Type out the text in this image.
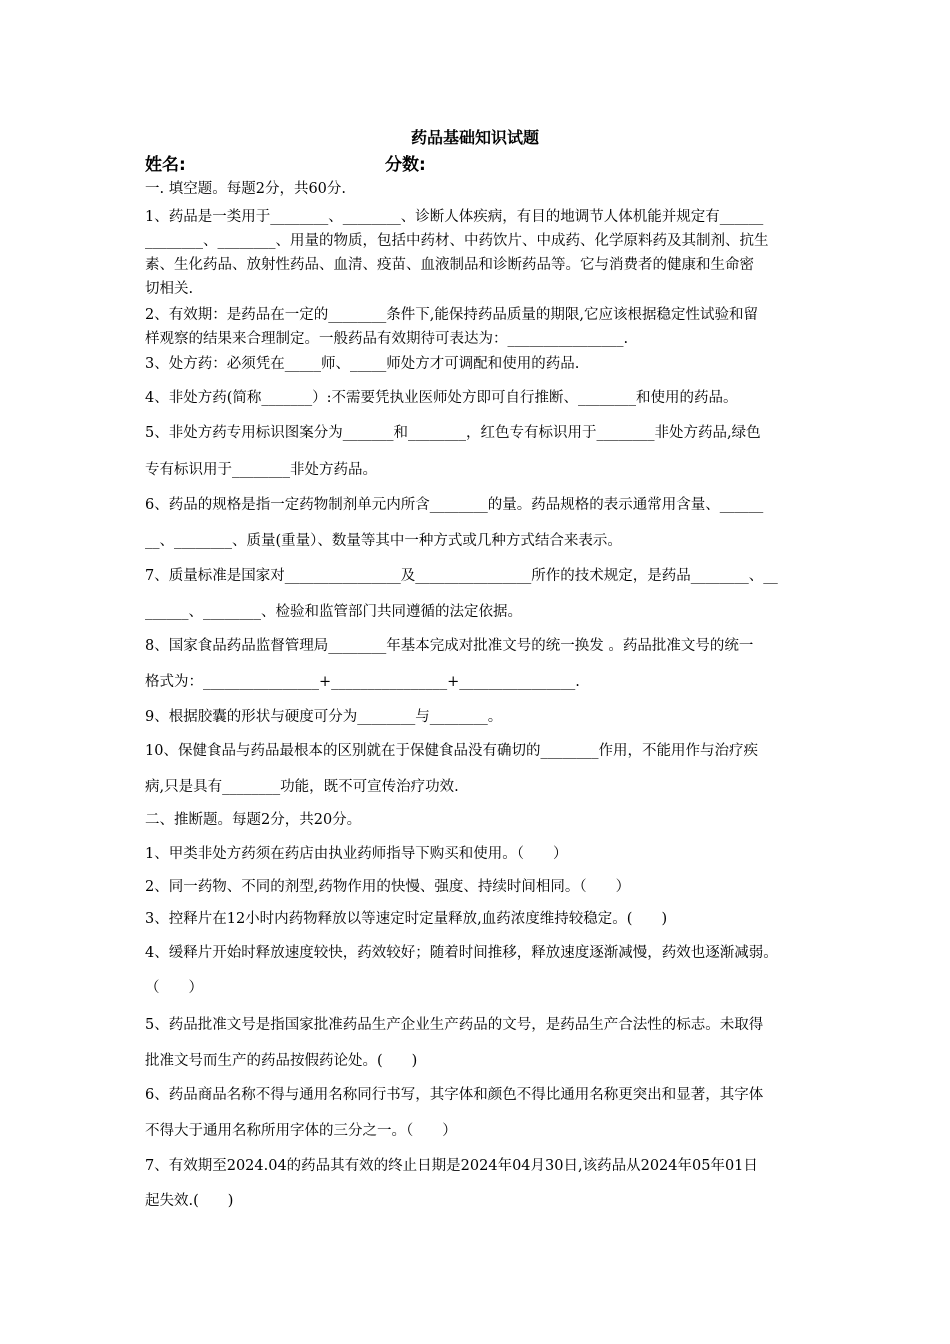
药品基础知识试题
姓名:	分数:
一. 填空题。每题2分，共60分.
1、药品是一类用于________、________、诊断人体疾病，有目的地调节人体机能并规定有______
________、________、用量的物质，包括中药材、中药饮片、中成药、化学原料药及其制剂、抗生
素、生化药品、放射性药品、血清、疫苗、血液制品和诊断药品等。它与消费者的健康和生命密
切相关.
2、有效期：是药品在一定的________条件下,能保持药品质量的期限,它应该根据稳定性试验和留
样观察的结果来合理制定。一般药品有效期待可表达为：________________.
3、处方药：必须凭在_____师、_____师处方才可调配和使用的药品.
4、非处方药(简称_______）:不需要凭执业医师处方即可自行推断、________和使用的药品。
5、非处方药专用标识图案分为_______和________，红色专有标识用于________非处方药品,绿色
专有标识用于________非处方药品。
6、药品的规格是指一定药物制剂单元内所含________的量。药品规格的表示通常用含量、______
__、________、质量(重量）、数量等其中一种方式或几种方式结合来表示。
7、质量标准是国家对________________及________________所作的技术规定，是药品________、__
______、________、检验和监管部门共同遵循的法定依据。
8、国家食品药品监督管理局________年基本完成对批准文号的统一换发 。药品批准文号的统一
格式为：________________+________________+________________.
9、根据胶囊的形状与硬度可分为________与________。
10、保健食品与药品最根本的区别就在于保健食品没有确切的________作用，不能用作与治疗疾
病,只是具有________功能，既不可宣传治疗功效.
二、推断题。每题2分，共20分。
1、甲类非处方药须在药店由执业药师指导下购买和使用。（　　）
2、同一药物、不同的剂型,药物作用的快慢、强度、持续时间相同。（　　）
3、控释片在12小时内药物释放以等速定时定量释放,血药浓度维持较稳定。(　　)
4、缓释片开始时释放速度较快，药效较好；随着时间推移，释放速度逐渐减慢，药效也逐渐减弱。
（　　）
5、药品批准文号是指国家批准药品生产企业生产药品的文号，是药品生产合法性的标志。未取得
批准文号而生产的药品按假药论处。(　　)
6、药品商品名称不得与通用名称同行书写，其字体和颜色不得比通用名称更突出和显著，其字体
不得大于通用名称所用字体的三分之一。（　　）
7、有效期至2024.04的药品其有效的终止日期是2024年04月30日,该药品从2024年05年01日
起失效.(　　)
